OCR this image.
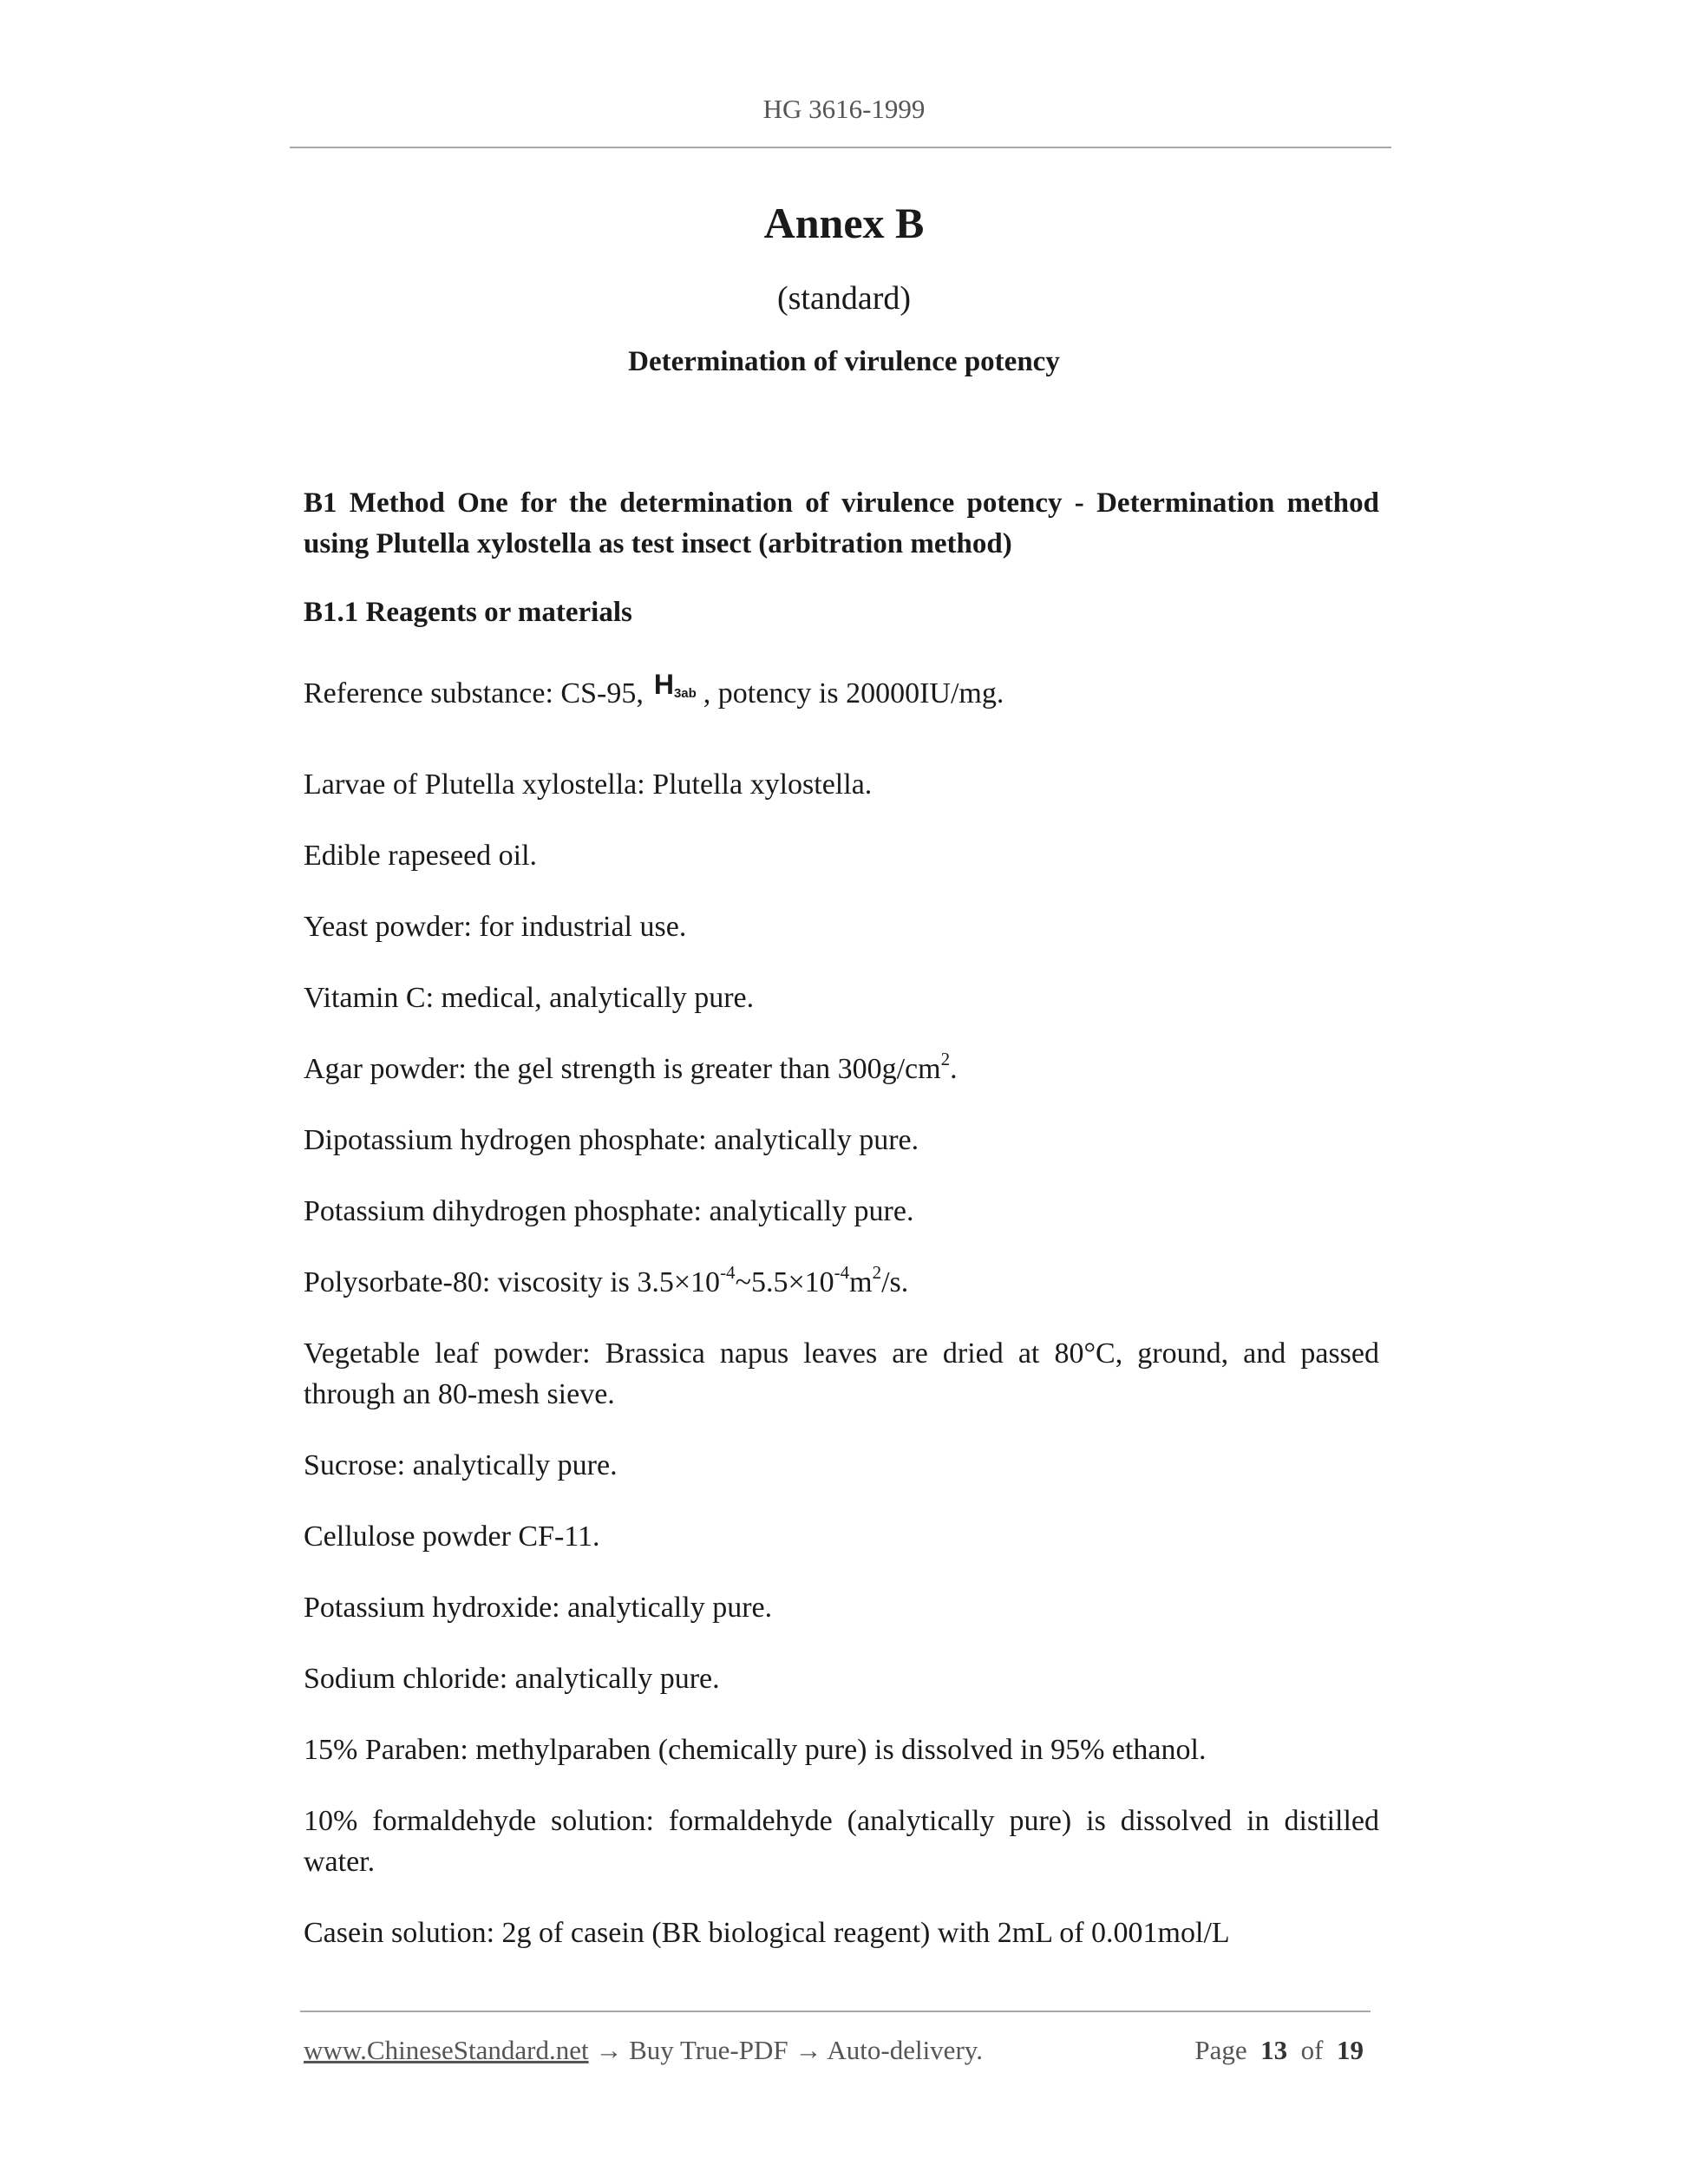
HG 3616-1999
Annex B
(standard)
Determination of virulence potency

B1 Method One for the determination of virulence potency - Determination method using Plutella xylostella as test insect (arbitration method)

B1.1 Reagents or materials

Reference substance: CS-95, $H_{3ab}$ , potency is 20000IU/mg.

Larvae of Plutella xylostella: Plutella xylostella.

Edible rapeseed oil.

Yeast powder: for industrial use.

Vitamin C: medical, analytically pure.

Agar powder: the gel strength is greater than $300g/cm^2$.

Dipotassium hydrogen phosphate: analytically pure.

Potassium dihydrogen phosphate: analytically pure.

Polysorbate-80: viscosity is $3.5\times 10^{-4}\sim 5.5\times 10^{-4}m^2/s$.

Vegetable leaf powder: Brassica napus leaves are dried at 80°C, ground, and passed through an 80-mesh sieve.

Sucrose: analytically pure.

Cellulose powder CF-11.

Potassium hydroxide: analytically pure.

Sodium chloride: analytically pure.

15% Paraben: methylparaben (chemically pure) is dissolved in 95% ethanol.

10% formaldehyde solution: formaldehyde (analytically pure) is dissolved in distilled water.

Casein solution: 2g of casein (BR biological reagent) with 2mL of 0.001mol/L

www.ChineseStandard.net → Buy True-PDF → Auto-delivery.	Page 13 of 19
